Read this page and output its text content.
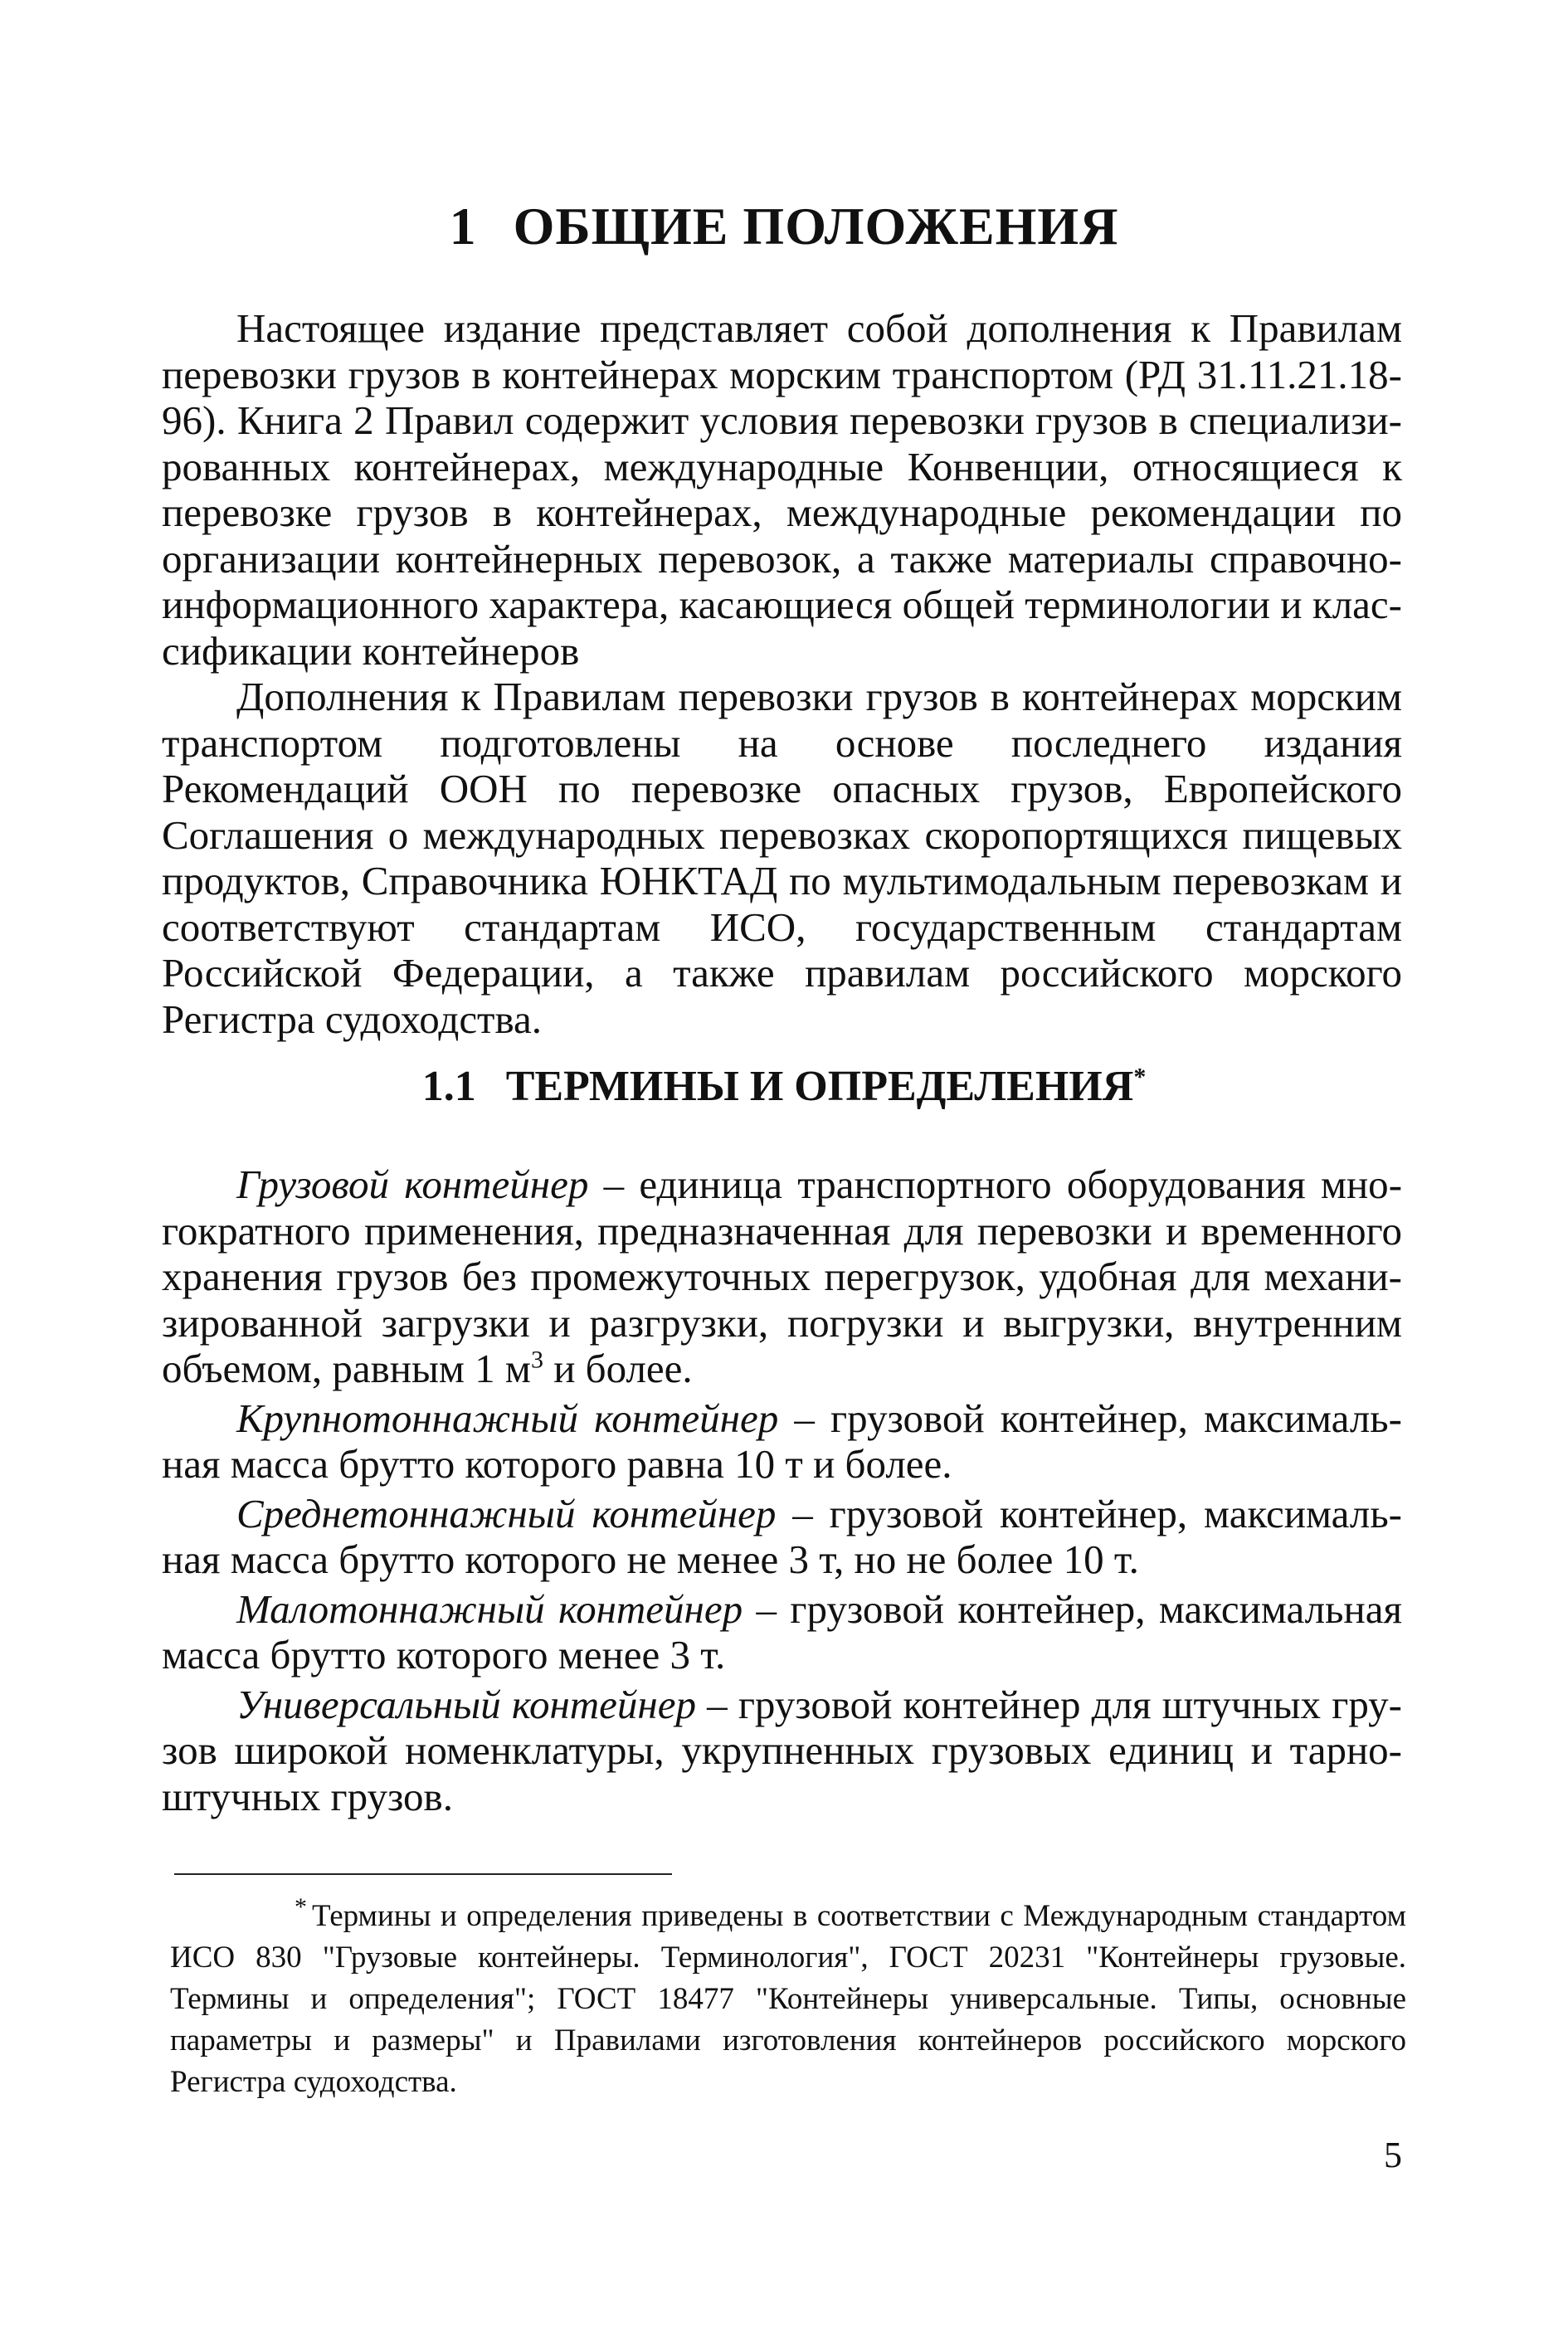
1 ОБЩИЕ ПОЛОЖЕНИЯ

Настоящее издание представляет собой дополнения к Правилам перевозки грузов в контейнерах морским транспортом (РД 31.11.21.18-96). Книга 2 Правил содержит условия перевозки грузов в специализированных контейнерах, международные Конвенции, относящиеся к перевозке грузов в контейнерах, международные рекомендации по организации контейнерных перевозок, а также материалы справочно-информационного характера, касающиеся общей терминологии и классификации контейнеров

Дополнения к Правилам перевозки грузов в контейнерах морским транспортом подготовлены на основе последнего издания Рекомендаций ООН по перевозке опасных грузов, Европейского Соглашения о международных перевозках скоропортящихся пищевых продуктов, Справочника ЮНКТАД по мультимодальным перевозкам и соответствуют стандартам ИСО, государственным стандартам Российской Федерации, а также правилам российского морского Регистра судоходства.

1.1 ТЕРМИНЫ И ОПРЕДЕЛЕНИЯ*

Грузовой контейнер – единица транспортного оборудования многократного применения, предназначенная для перевозки и временного хранения грузов без промежуточных перегрузок, удобная для механизированной загрузки и разгрузки, погрузки и выгрузки, внутренним объемом, равным 1 $м^3$ и более.

Крупнотоннажный контейнер – грузовой контейнер, максимальная масса брутто которого равна 10 т и более.

Среднетоннажный контейнер – грузовой контейнер, максимальная масса брутто которого не менее 3 т, но не более 10 т.

Малотоннажный контейнер – грузовой контейнер, максимальная масса брутто которого менее 3 т.

Универсальный контейнер – грузовой контейнер для штучных грузов широкой номенклатуры, укрупненных грузовых единиц и тарно-штучных грузов.

* Термины и определения приведены в соответствии с Международным стандартом ИСО 830 "Грузовые контейнеры. Терминология", ГОСТ 20231 "Контейнеры грузовые. Термины и определения"; ГОСТ 18477 "Контейнеры универсальные. Типы, основные параметры и размеры" и Правилами изготовления контейнеров российского морского Регистра судоходства.
5
